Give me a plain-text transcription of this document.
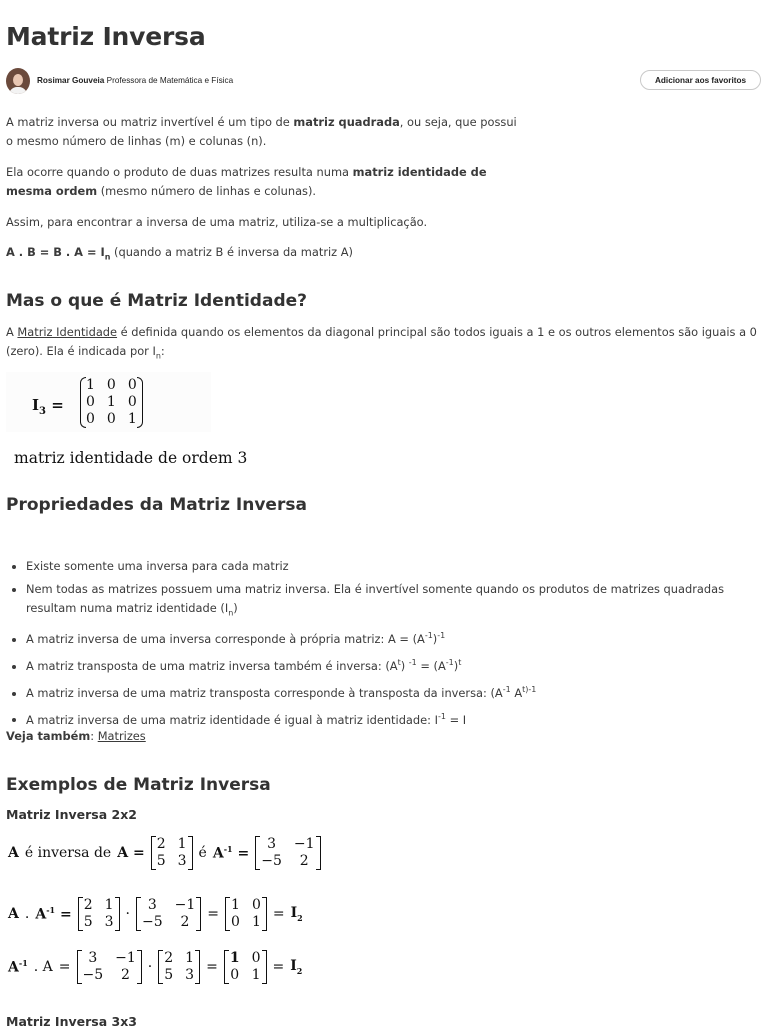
Matriz Inversa
Rosimar Gouveia Professora de Matemática e Física	Adicionar aos favoritos

A matriz inversa ou matriz invertível é um tipo de matriz quadrada, ou seja, que possui o mesmo número de linhas (m) e colunas (n).

Ela ocorre quando o produto de duas matrizes resulta numa matriz identidade de mesma ordem (mesmo número de linhas e colunas).

Assim, para encontrar a inversa de uma matriz, utiliza-se a multiplicação.

A . B = B . $A = I_n$ (quando a matriz B é inversa da matriz A)

Mas o que é Matriz Identidade?

A Matriz Identidade é definida quando os elementos da diagonal principal são todos iguais a 1 e os outros elementos são iguais a 0 (zero). Ela é indicada por $I_n$:

$I_3$ =
1 0 0
0 1 0
0 0 1
matriz identidade de ordem 3
Propriedades da Matriz Inversa
• Existe somente uma inversa para cada matriz
• Nem todas as matrizes possuem uma matriz inversa. Ela é invertível somente quando os produtos de matrizes quadradas resultam numa matriz identidade $(I_n)$
• A matriz inversa de uma inversa corresponde à própria matriz: $A = (A^{-1})^{-1}$
• A matriz transposta de uma matriz inversa também é inversa: $(A^t) ^{-1} = (A^{-1})^t$
• A matriz inversa de uma matriz transposta corresponde à transposta da inversa: ($A^{-1}$ $A^{t)-1}$
• A matriz inversa de uma matriz identidade é igual à matriz identidade: $I^{-1} = I$

Veja também: Matrizes

Exemplos de Matriz Inversa
Matriz Inversa 2x2
A é inversa de A =
2 1
5 3 é $A^{-1}$ =
3	−1
−5	2
A . $A^{-1}$ =
2 1
5 3 ·
3	−1
−5	2	=
1 0
0 $1 = I_2$
$A^{-1}$ . A =
3	−1
−5	2	·
2 1
5 3 =
1 0
0 $1 = I_2$
Matriz Inversa 3x3
